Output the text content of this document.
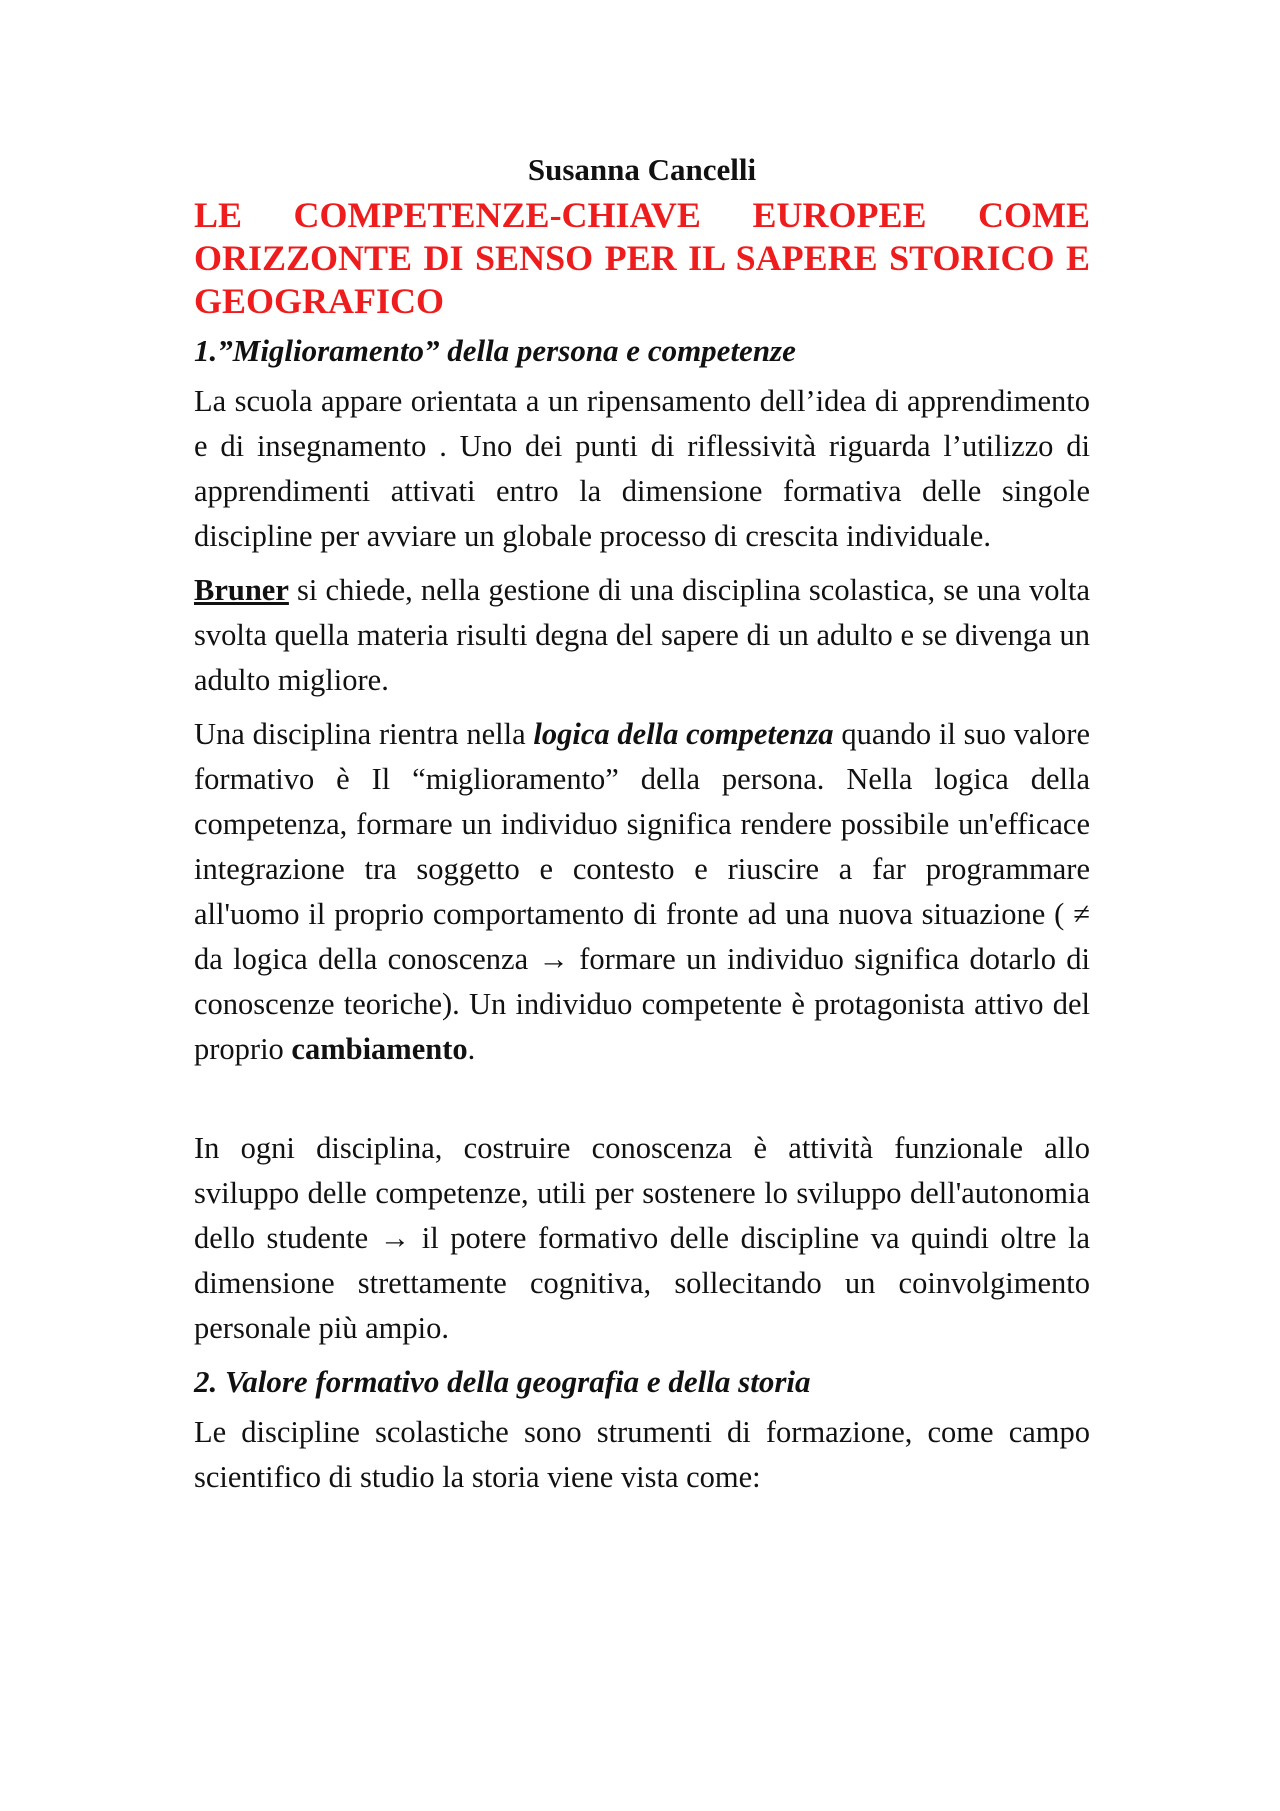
Susanna Cancelli
LE COMPETENZE-CHIAVE EUROPEE COME ORIZZONTE DI SENSO PER IL SAPERE STORICO E GEOGRAFICO
1.”Miglioramento” della persona e competenze

La scuola appare orientata a un ripensamento dell’idea di apprendimento e di insegnamento . Uno dei punti di riflessività riguarda l’utilizzo di apprendimenti attivati entro la dimensione formativa delle singole discipline per avviare un globale processo di crescita individuale.

Bruner si chiede, nella gestione di una disciplina scolastica, se una volta svolta quella materia risulti degna del sapere di un adulto e se divenga un adulto migliore.

Una disciplina rientra nella logica della competenza quando il suo valore formativo è Il “miglioramento” della persona. Nella logica della competenza, formare un individuo significa rendere possibile un'efficace integrazione tra soggetto e contesto e riuscire a far programmare all'uomo il proprio comportamento di fronte ad una nuova situazione ( ≠ da logica della conoscenza → formare un individuo significa dotarlo di conoscenze teoriche). Un individuo competente è protagonista attivo del proprio cambiamento.

In ogni disciplina, costruire conoscenza è attività funzionale allo sviluppo delle competenze, utili per sostenere lo sviluppo dell'autonomia dello studente → il potere formativo delle discipline va quindi oltre la dimensione strettamente cognitiva, sollecitando un coinvolgimento personale più ampio.

2. Valore formativo della geografia e della storia

Le discipline scolastiche sono strumenti di formazione, come campo scientifico di studio la storia viene vista come:
